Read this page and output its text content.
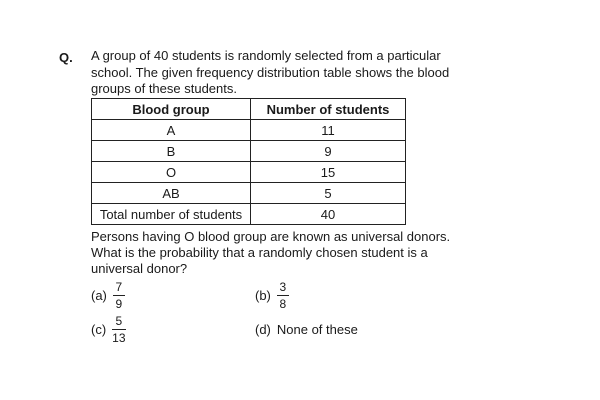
Q. A group of 40 students is randomly selected from a particular
school. The given frequency distribution table shows the blood
groups of these students.
Blood group	Number of students
A	11
B	9
O	15
AB	5
Total number of students	40
Persons having O blood group are known as universal donors.
What is the probability that a randomly chosen student is a
universal donor?
$(a) \frac{7}{9}$	$(b) \frac{3}{8}$
$(c) \frac{5}{13}$	(d) None of these
